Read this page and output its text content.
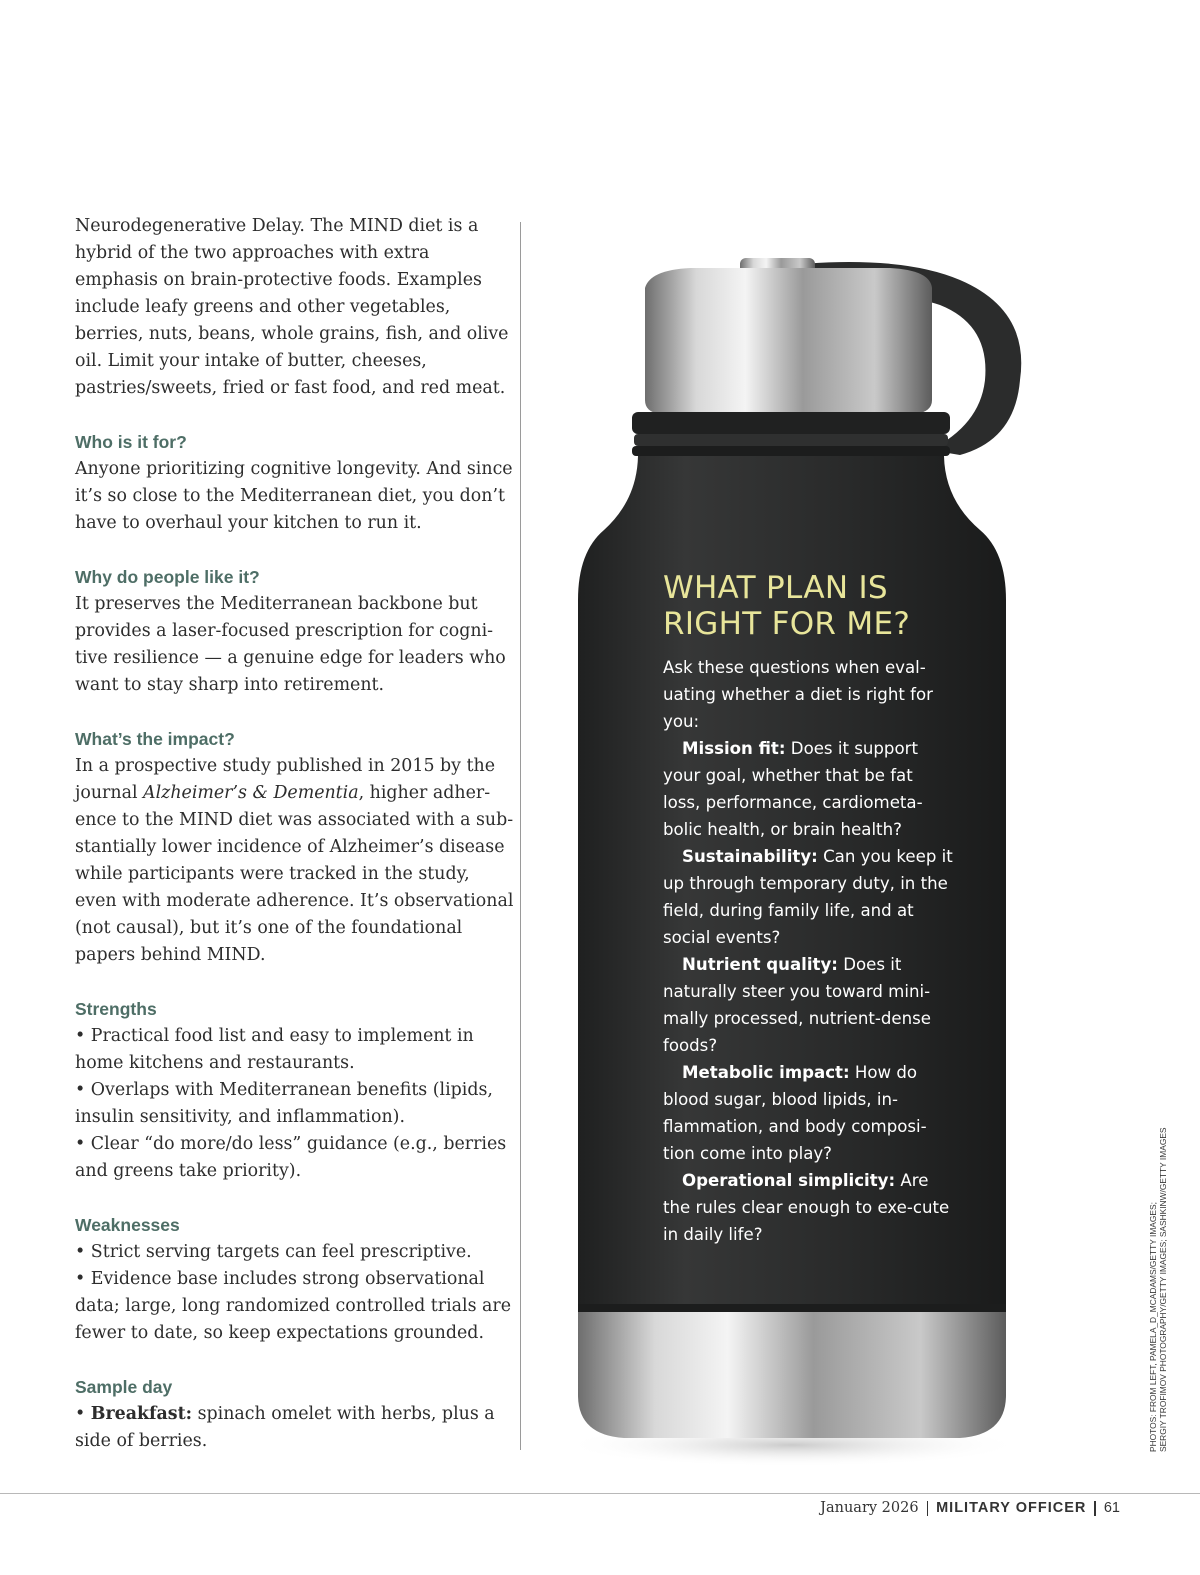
Neurodegenerative Delay. The MIND diet is a hybrid of the two approaches with extra emphasis on brain-protective foods. Examples include leafy greens and other vegetables, berries, nuts, beans, whole grains, fish, and olive oil. Limit your intake of butter, cheeses, pastries/sweets, fried or fast food, and red meat.

Who is it for?

Anyone prioritizing cognitive longevity. And since it’s so close to the Mediterranean diet, you don’t have to overhaul your kitchen to run it.

Why do people like it?

It preserves the Mediterranean backbone but provides a laser-focused prescription for cogni-tive resilience — a genuine edge for leaders who want to stay sharp into retirement.

What’s the impact?

In a prospective study published in 2015 by the journal Alzheimer’s & Dementia, higher adher-ence to the MIND diet was associated with a sub-stantially lower incidence of Alzheimer’s disease while participants were tracked in the study, even with moderate adherence. It’s observational (not causal), but it’s one of the foundational papers behind MIND.

Strengths
• Practical food list and easy to implement in home kitchens and restaurants.
• Overlaps with Mediterranean benefits (lipids, insulin sensitivity, and inflammation).
• Clear “do more/do less” guidance (e.g., berries and greens take priority).
Weaknesses
• Strict serving targets can feel prescriptive.
• Evidence base includes strong observational data; large, long randomized controlled trials are fewer to date, so keep expectations grounded.
Sample day

• Breakfast: spinach omelet with herbs, plus a side of berries.

WHAT PLAN IS
RIGHT FOR ME?

Ask these questions when eval-uating whether a diet is right for you:

Mission fit: Does it support your goal, whether that be fat loss, performance, cardiometa-bolic health, or brain health?

Sustainability: Can you keep it up through temporary duty, in the field, during family life, and at social events?

Nutrient quality: Does it naturally steer you toward mini-mally processed, nutrient-dense foods?

Metabolic impact: How do blood sugar, blood lipids, in-flammation, and body composi-tion come into play?

Operational simplicity: Are the rules clear enough to exe-cute in daily life?	PHOTOS: FROM LEFT, PAMELA_D_MCADAMS/GETTY IMAGES; SERGIY TROFIMOV PHOTOGRAPHY/GETTY IMAGES; SASHKINW/GETTY IMAGES
January 2026 MILITARY OFFICER 61
